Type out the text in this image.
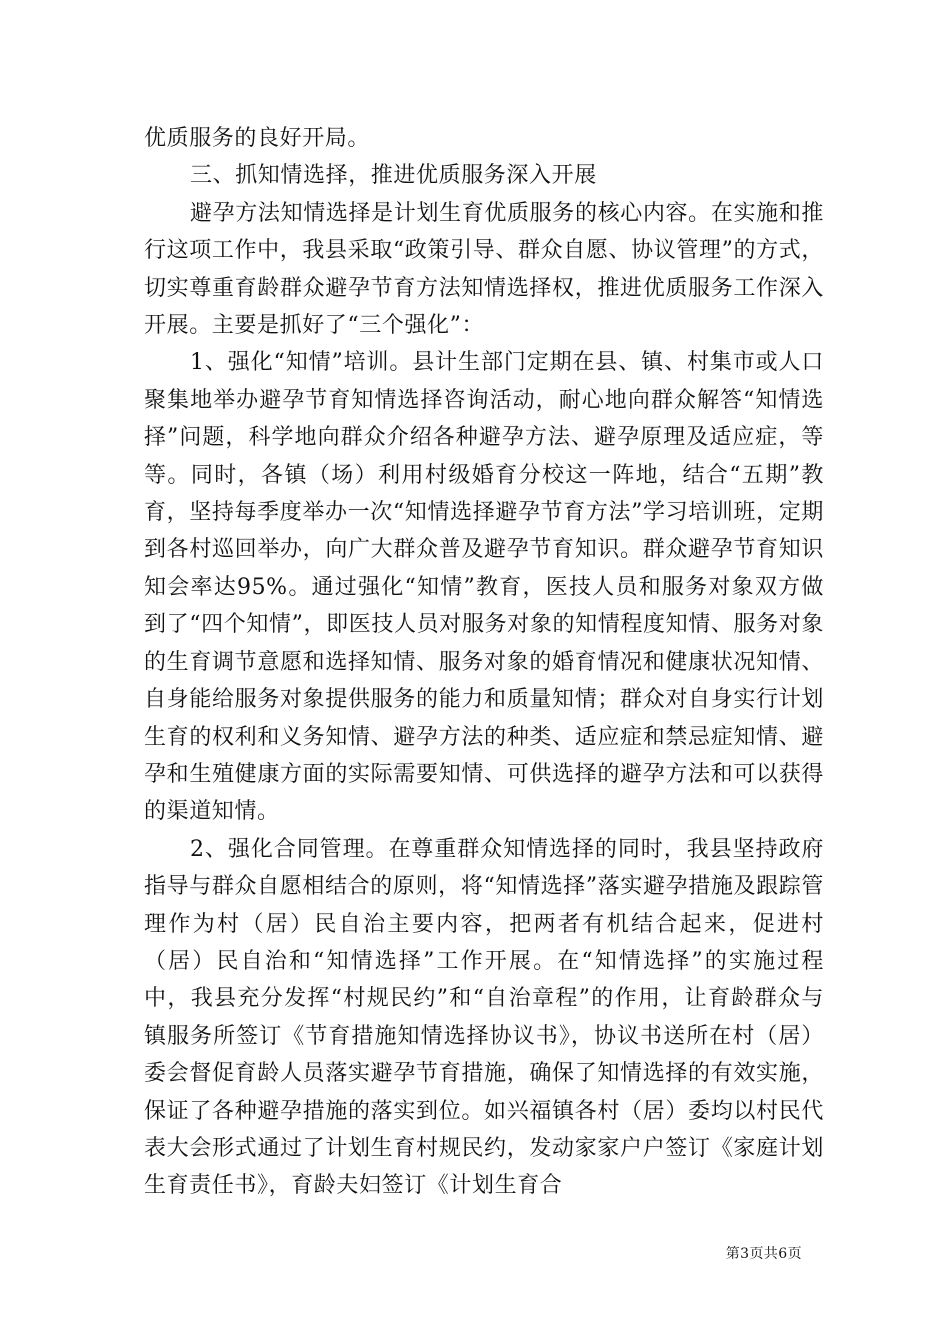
优质服务的良好开局。

三、抓知情选择，推进优质服务深入开展

避孕方法知情选择是计划生育优质服务的核心内容。在实施和推行这项工作中，我县采取“政策引导、群众自愿、协议管理”的方式，切实尊重育龄群众避孕节育方法知情选择权，推进优质服务工作深入开展。主要是抓好了“三个强化”：

1、强化“知情”培训。县计生部门定期在县、镇、村集市或人口聚集地举办避孕节育知情选择咨询活动，耐心地向群众解答“知情选择”问题，科学地向群众介绍各种避孕方法、避孕原理及适应症，等等。同时，各镇（场）利用村级婚育分校这一阵地，结合“五期”教育，坚持每季度举办一次“知情选择避孕节育方法”学习培训班，定期到各村巡回举办，向广大群众普及避孕节育知识。群众避孕节育知识知会率达95%。通过强化“知情”教育，医技人员和服务对象双方做到了“四个知情”，即医技人员对服务对象的知情程度知情、服务对象的生育调节意愿和选择知情、服务对象的婚育情况和健康状况知情、自身能给服务对象提供服务的能力和质量知情；群众对自身实行计划生育的权利和义务知情、避孕方法的种类、适应症和禁忌症知情、避孕和生殖健康方面的实际需要知情、可供选择的避孕方法和可以获得的渠道知情。

2、强化合同管理。在尊重群众知情选择的同时，我县坚持政府指导与群众自愿相结合的原则，将“知情选择”落实避孕措施及跟踪管理作为村（居）民自治主要内容，把两者有机结合起来，促进村（居）民自治和“知情选择”工作开展。在“知情选择”的实施过程中，我县充分发挥“村规民约”和“自治章程”的作用，让育龄群众与镇服务所签订《节育措施知情选择协议书》，协议书送所在村（居）委会督促育龄人员落实避孕节育措施，确保了知情选择的有效实施，保证了各种避孕措施的落实到位。如兴福镇各村（居）委均以村民代表大会形式通过了计划生育村规民约，发动家家户户签订《家庭计划生育责任书》，育龄夫妇签订《计划生育合

第3页共6页
